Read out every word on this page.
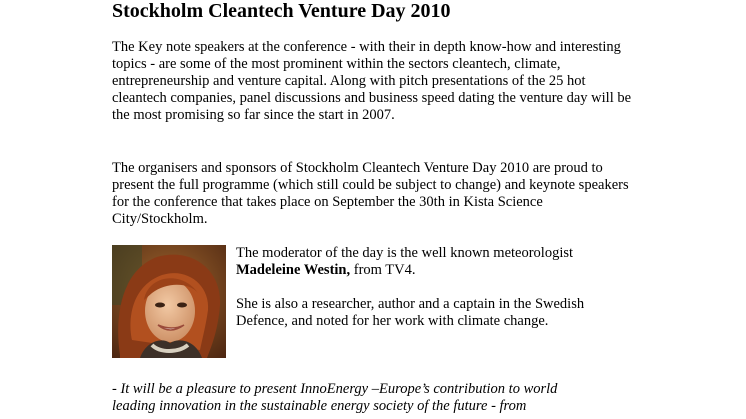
Stockholm Cleantech Venture Day 2010

The Key note speakers at the conference - with their in depth know-how and interesting topics - are some of the most prominent within the sectors cleantech, climate, entrepreneurship and venture capital. Along with pitch presentations of the 25 hot cleantech companies, panel discussions and business speed dating the venture day will be the most promising so far since the start in 2007.

The organisers and sponsors of Stockholm Cleantech Venture Day 2010 are proud to present the full programme (which still could be subject to change) and keynote speakers for the conference that takes place on September the 30th in Kista Science City/Stockholm.

The moderator of the day is the well known meteorologist
Madeleine Westin, from TV4.

She is also a researcher, author and a captain in the Swedish Defence, and noted for her work with climate change.

- It will be a pleasure to present InnoEnergy –Europe’s contribution to world
leading innovation in the sustainable energy society of the future - from
